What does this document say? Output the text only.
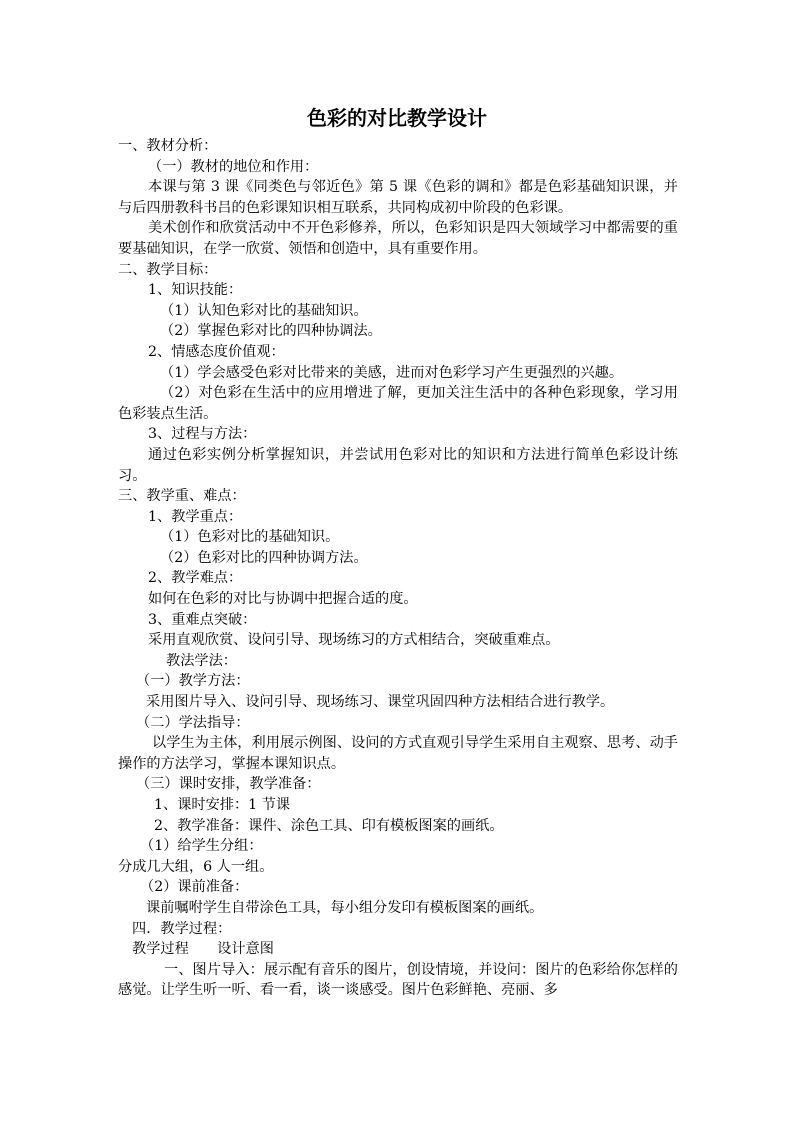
色彩的对比教学设计
一、教材分析：
（一）教材的地位和作用：
本课与第 3 课《同类色与邻近色》第 5 课《色彩的调和》都是色彩基础知识课，并与后四册教科书吕的色彩课知识相互联系，共同构成初中阶段的色彩课。
美术创作和欣赏活动中不开色彩修养，所以，色彩知识是四大领域学习中都需要的重要基础知识，在学一欣赏、领悟和创造中，具有重要作用。
二、教学目标：
1、知识技能：
（1）认知色彩对比的基础知识。
（2）掌握色彩对比的四种协调法。
2、情感态度价值观：
（1）学会感受色彩对比带来的美感，进而对色彩学习产生更强烈的兴趣。
（2）对色彩在生活中的应用增进了解，更加关注生活中的各种色彩现象，学习用色彩装点生活。
3、过程与方法：
通过色彩实例分析掌握知识，并尝试用色彩对比的知识和方法进行简单色彩设计练习。
三、教学重、难点：
1、教学重点：
（1）色彩对比的基础知识。
（2）色彩对比的四种协调方法。
2、教学难点：
如何在色彩的对比与协调中把握合适的度。
3、重难点突破：
采用直观欣赏、设问引导、现场练习的方式相结合，突破重难点。
教法学法：
（一）教学方法：
采用图片导入、设问引导、现场练习、课堂巩固四种方法相结合进行教学。
（二）学法指导：
以学生为主体，利用展示例图、设问的方式直观引导学生采用自主观察、思考、动手操作的方法学习，掌握本课知识点。
（三）课时安排，教学准备：
1、课时安排：1 节课
2、教学准备：课件、涂色工具、印有模板图案的画纸。
（1）给学生分组：
分成几大组，6 人一组。
（2）课前准备：
课前嘱咐学生自带涂色工具，每小组分发印有模板图案的画纸。
四．教学过程：
教学过程　　设计意图
一、图片导入：展示配有音乐的图片，创设情境，并设问：图片的色彩给你怎样的感觉。让学生听一听、看一看，谈一谈感受。图片色彩鲜艳、亮丽、多
